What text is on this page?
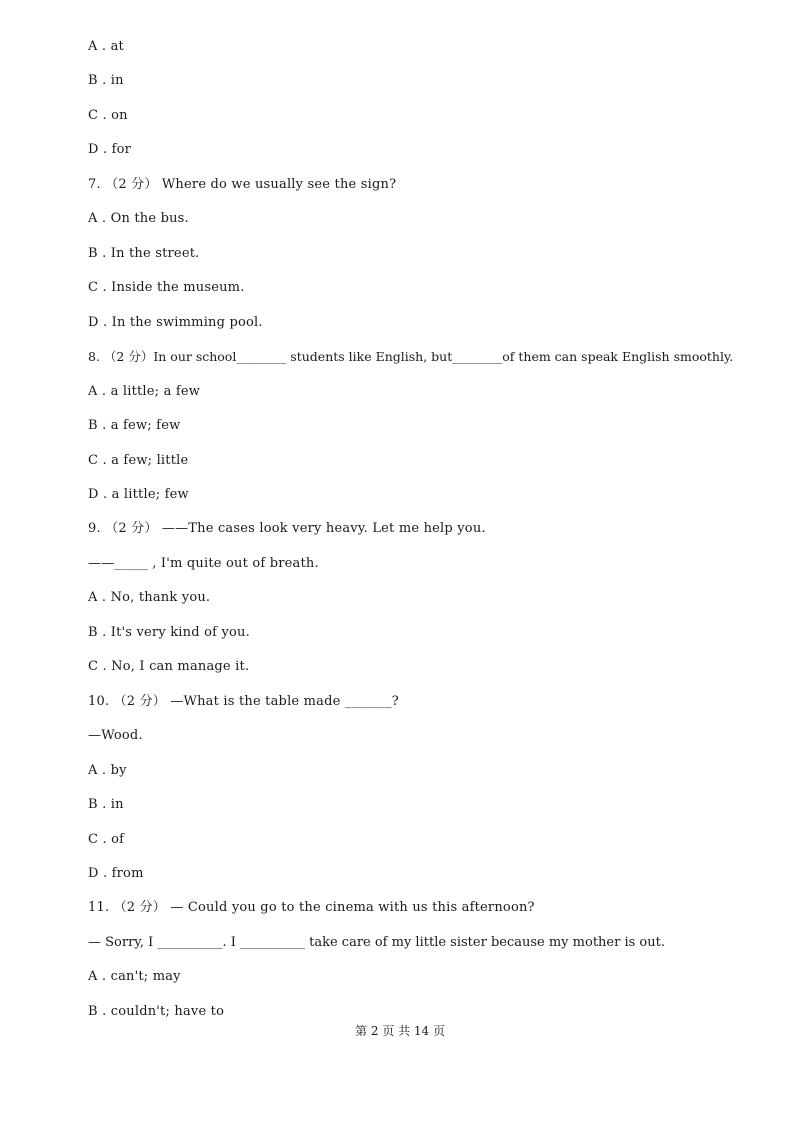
A . at
B . in
C . on
D . for
7. （2 分） Where do we usually see the sign?
A . On the bus.
B . In the street.
C . Inside the museum.
D . In the swimming pool.
8. （2 分）In our school________ students like English, but________of them can speak English smoothly.
A . a little; a few
B . a few; few
C . a few; little
D . a little; few
9. （2 分） ——The cases look very heavy. Let me help you.
——_____ , I'm quite out of breath.
A . No, thank you.
B . It's very kind of you.
C . No, I can manage it.
10. （2 分） —What is the table made _______?
—Wood.
A . by
B . in
C . of
D . from
11. （2 分） — Could you go to the cinema with us this afternoon?
— Sorry, I __________. I __________ take care of my little sister because my mother is out.
A . can't; may
B . couldn't; have to
第 2 页 共 14 页
